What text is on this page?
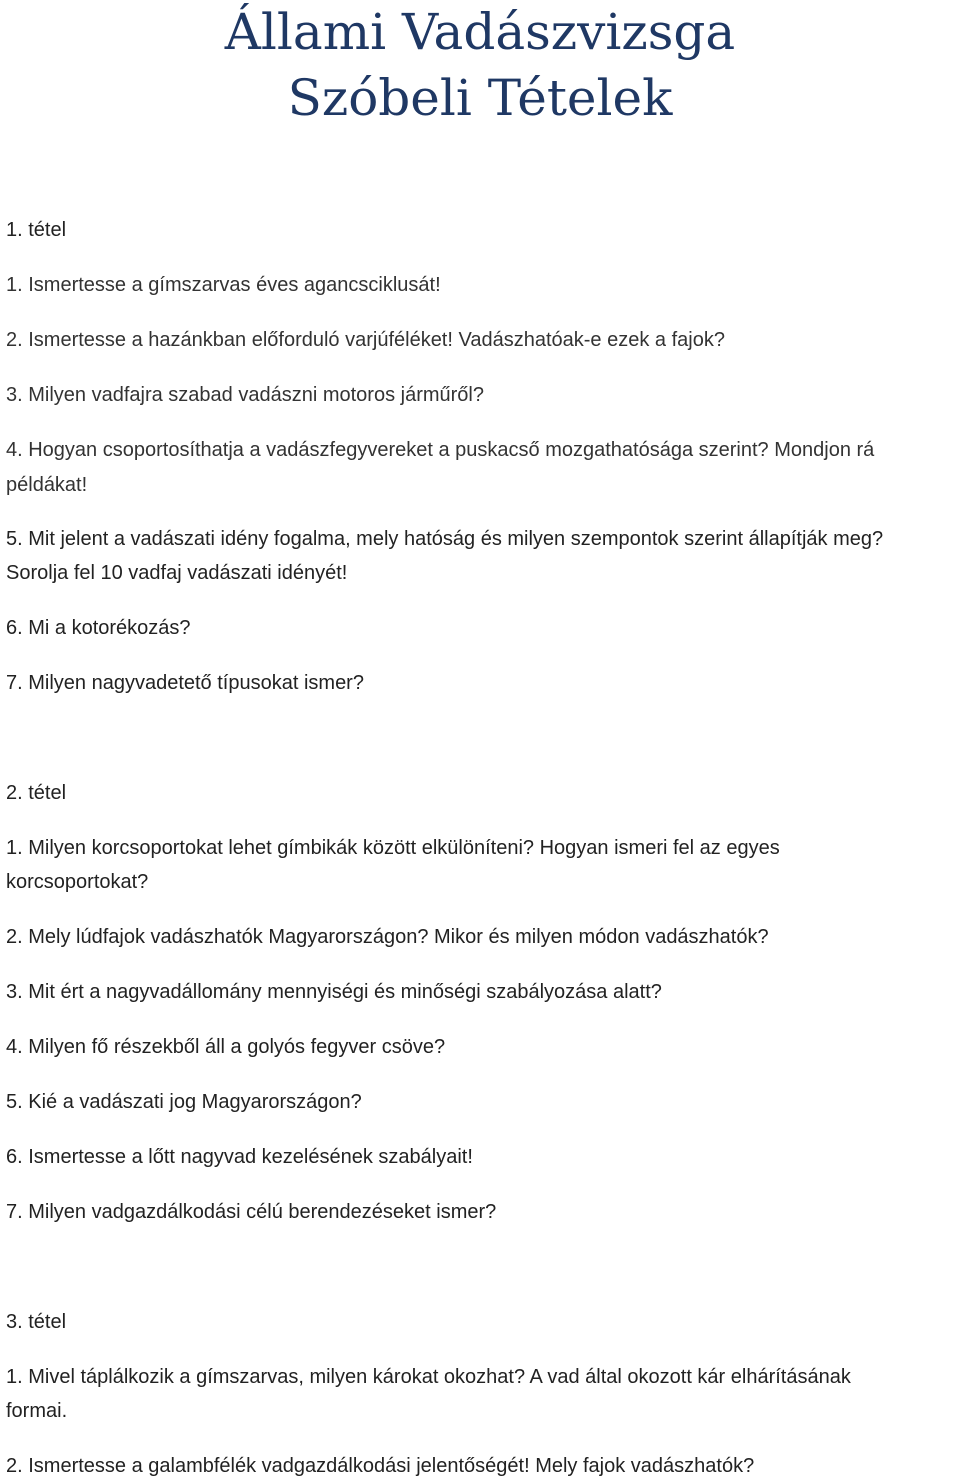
Állami Vadászvizsga
Szóbeli Tételek
1. tétel
1. Ismertesse a gímszarvas éves agancsciklusát!
2. Ismertesse a hazánkban előforduló varjúféléket! Vadászhatóak-e ezek a fajok?
3. Milyen vadfajra szabad vadászni motoros járműről?
4. Hogyan csoportosíthatja a vadászfegyvereket a puskacső mozgathatósága szerint? Mondjon rá
példákat!
5. Mit jelent a vadászati idény fogalma, mely hatóság és milyen szempontok szerint állapítják meg?
Sorolja fel 10 vadfaj vadászati idényét!
6. Mi a kotorékozás?
7. Milyen nagyvadetető típusokat ismer?
2. tétel
1. Milyen korcsoportokat lehet gímbikák között elkülöníteni? Hogyan ismeri fel az egyes
korcsoportokat?
2. Mely lúdfajok vadászhatók Magyarországon? Mikor és milyen módon vadászhatók?
3. Mit ért a nagyvadállomány mennyiségi és minőségi szabályozása alatt?
4. Milyen fő részekből áll a golyós fegyver csöve?
5. Kié a vadászati jog Magyarországon?
6. Ismertesse a lőtt nagyvad kezelésének szabályait!
7. Milyen vadgazdálkodási célú berendezéseket ismer?
3. tétel
1. Mivel táplálkozik a gímszarvas, milyen károkat okozhat? A vad által okozott kár elhárításának
formai.
2. Ismertesse a galambfélék vadgazdálkodási jelentőségét! Mely fajok vadászhatók?
